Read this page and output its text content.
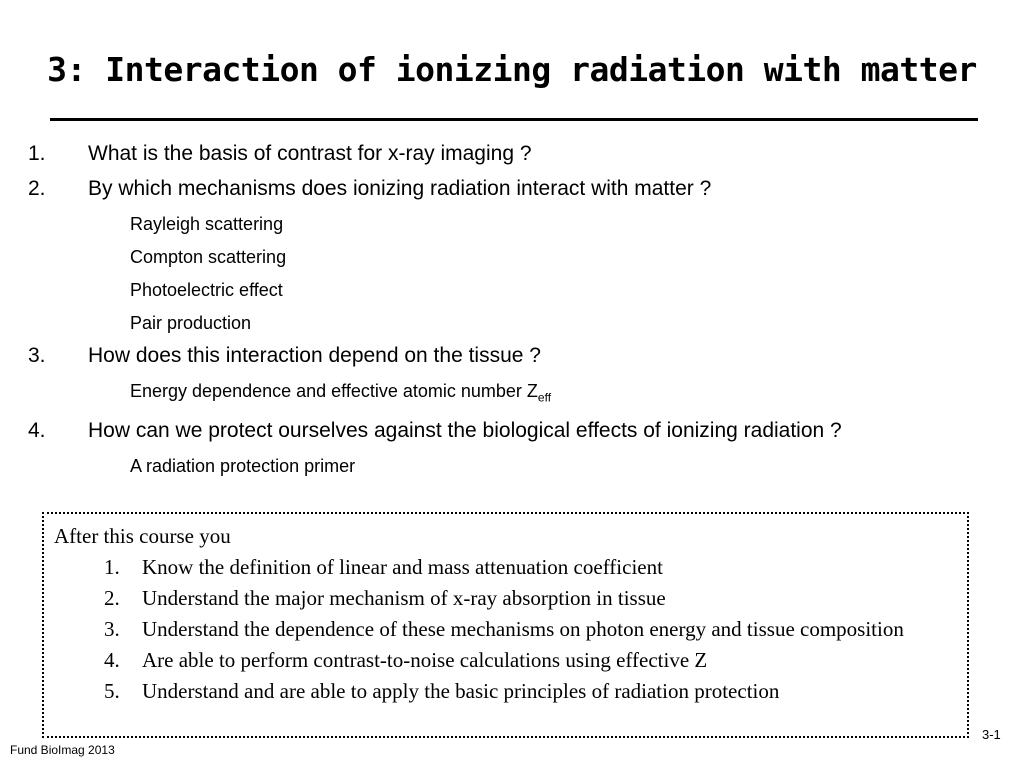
3: Interaction of ionizing radiation with matter
1. What is the basis of contrast for x-ray imaging ?
2. By which mechanisms does ionizing radiation interact with matter ?
Rayleigh scattering
Compton scattering
Photoelectric effect
Pair production
3. How does this interaction depend on the tissue ?
Energy dependence and effective atomic number $Z_{eff}$
4. How can we protect ourselves against the biological effects of ionizing radiation ?
A radiation protection primer
After this course you
1. Know the definition of linear and mass attenuation coefficient
2. Understand the major mechanism of x-ray absorption in tissue
3. Understand the dependence of these mechanisms on photon energy and tissue composition
4. Are able to perform contrast-to-noise calculations using effective Z
5. Understand and are able to apply the basic principles of radiation protection
Fund BioImag 2013
3-1
